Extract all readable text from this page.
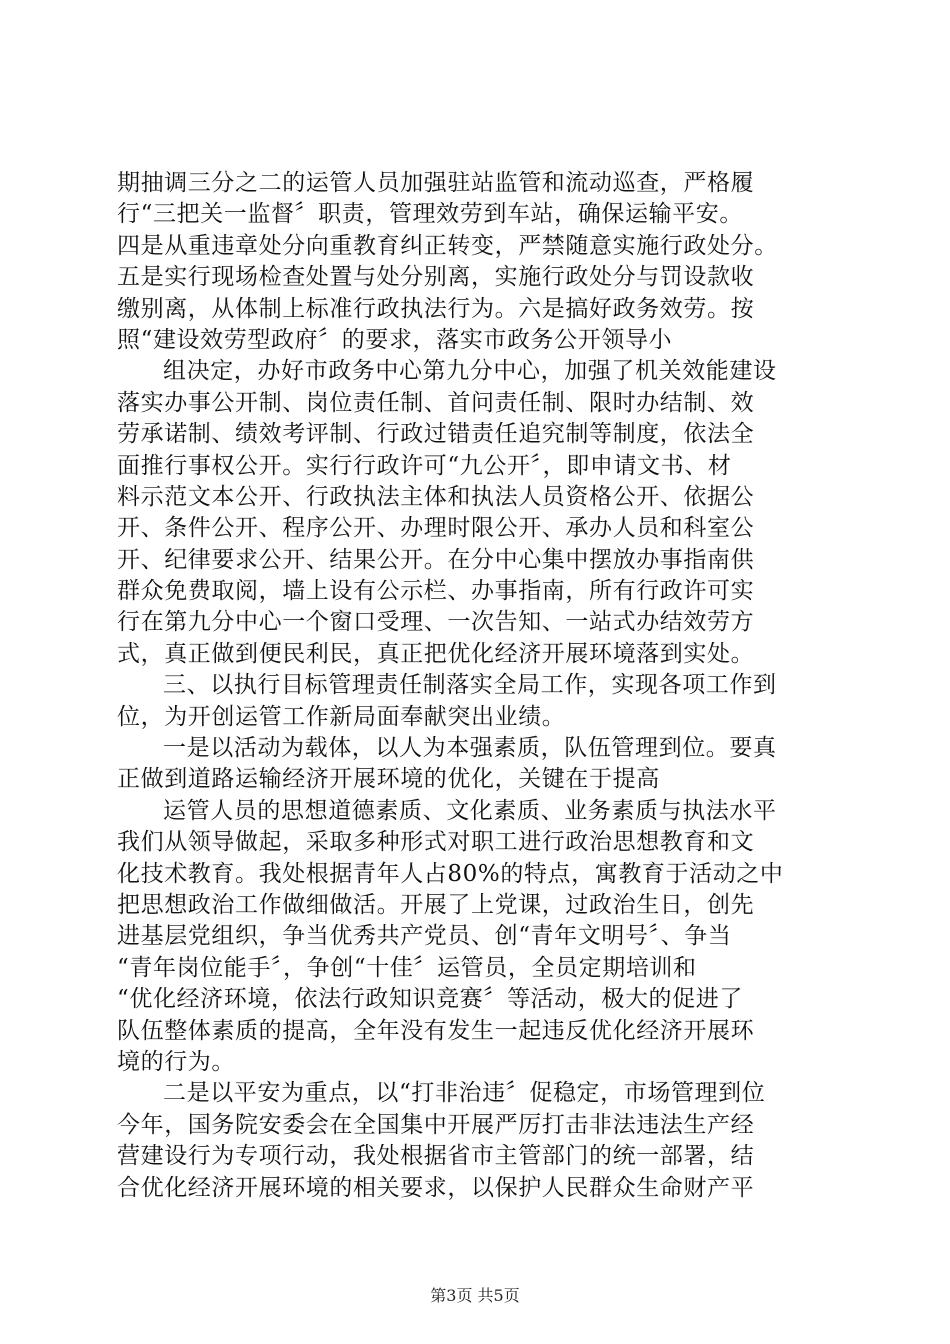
期抽调三分之二的运管人员加强驻站监管和流动巡查，严格履
行“三把关一监督〞职责，管理效劳到车站，确保运输平安。
四是从重违章处分向重教育纠正转变，严禁随意实施行政处分。
五是实行现场检查处置与处分别离，实施行政处分与罚设款收
缴别离，从体制上标准行政执法行为。六是搞好政务效劳。按
照“建设效劳型政府〞的要求，落实市政务公开领导小
组决定，办好市政务中心第九分中心，加强了机关效能建设
落实办事公开制、岗位责任制、首问责任制、限时办结制、效
劳承诺制、绩效考评制、行政过错责任追究制等制度，依法全
面推行事权公开。实行行政许可“九公开〞，即申请文书、材
料示范文本公开、行政执法主体和执法人员资格公开、依据公
开、条件公开、程序公开、办理时限公开、承办人员和科室公
开、纪律要求公开、结果公开。在分中心集中摆放办事指南供
群众免费取阅，墙上设有公示栏、办事指南，所有行政许可实
行在第九分中心一个窗口受理、一次告知、一站式办结效劳方
式，真正做到便民利民，真正把优化经济开展环境落到实处。
三、以执行目标管理责任制落实全局工作，实现各项工作到
位，为开创运管工作新局面奉献突出业绩。
一是以活动为载体，以人为本强素质，队伍管理到位。要真
正做到道路运输经济开展环境的优化，关键在于提高
运管人员的思想道德素质、文化素质、业务素质与执法水平
我们从领导做起，采取多种形式对职工进行政治思想教育和文
化技术教育。我处根据青年人占80%的特点，寓教育于活动之中
把思想政治工作做细做活。开展了上党课，过政治生日，创先
进基层党组织，争当优秀共产党员、创“青年文明号〞、争当
“青年岗位能手〞，争创“十佳〞运管员，全员定期培训和
“优化经济环境，依法行政知识竞赛〞等活动，极大的促进了
队伍整体素质的提高，全年没有发生一起违反优化经济开展环
境的行为。
二是以平安为重点，以“打非治违〞促稳定，市场管理到位
今年，国务院安委会在全国集中开展严厉打击非法违法生产经
营建设行为专项行动，我处根据省市主管部门的统一部署，结
合优化经济开展环境的相关要求，以保护人民群众生命财产平
第3页 共5页
